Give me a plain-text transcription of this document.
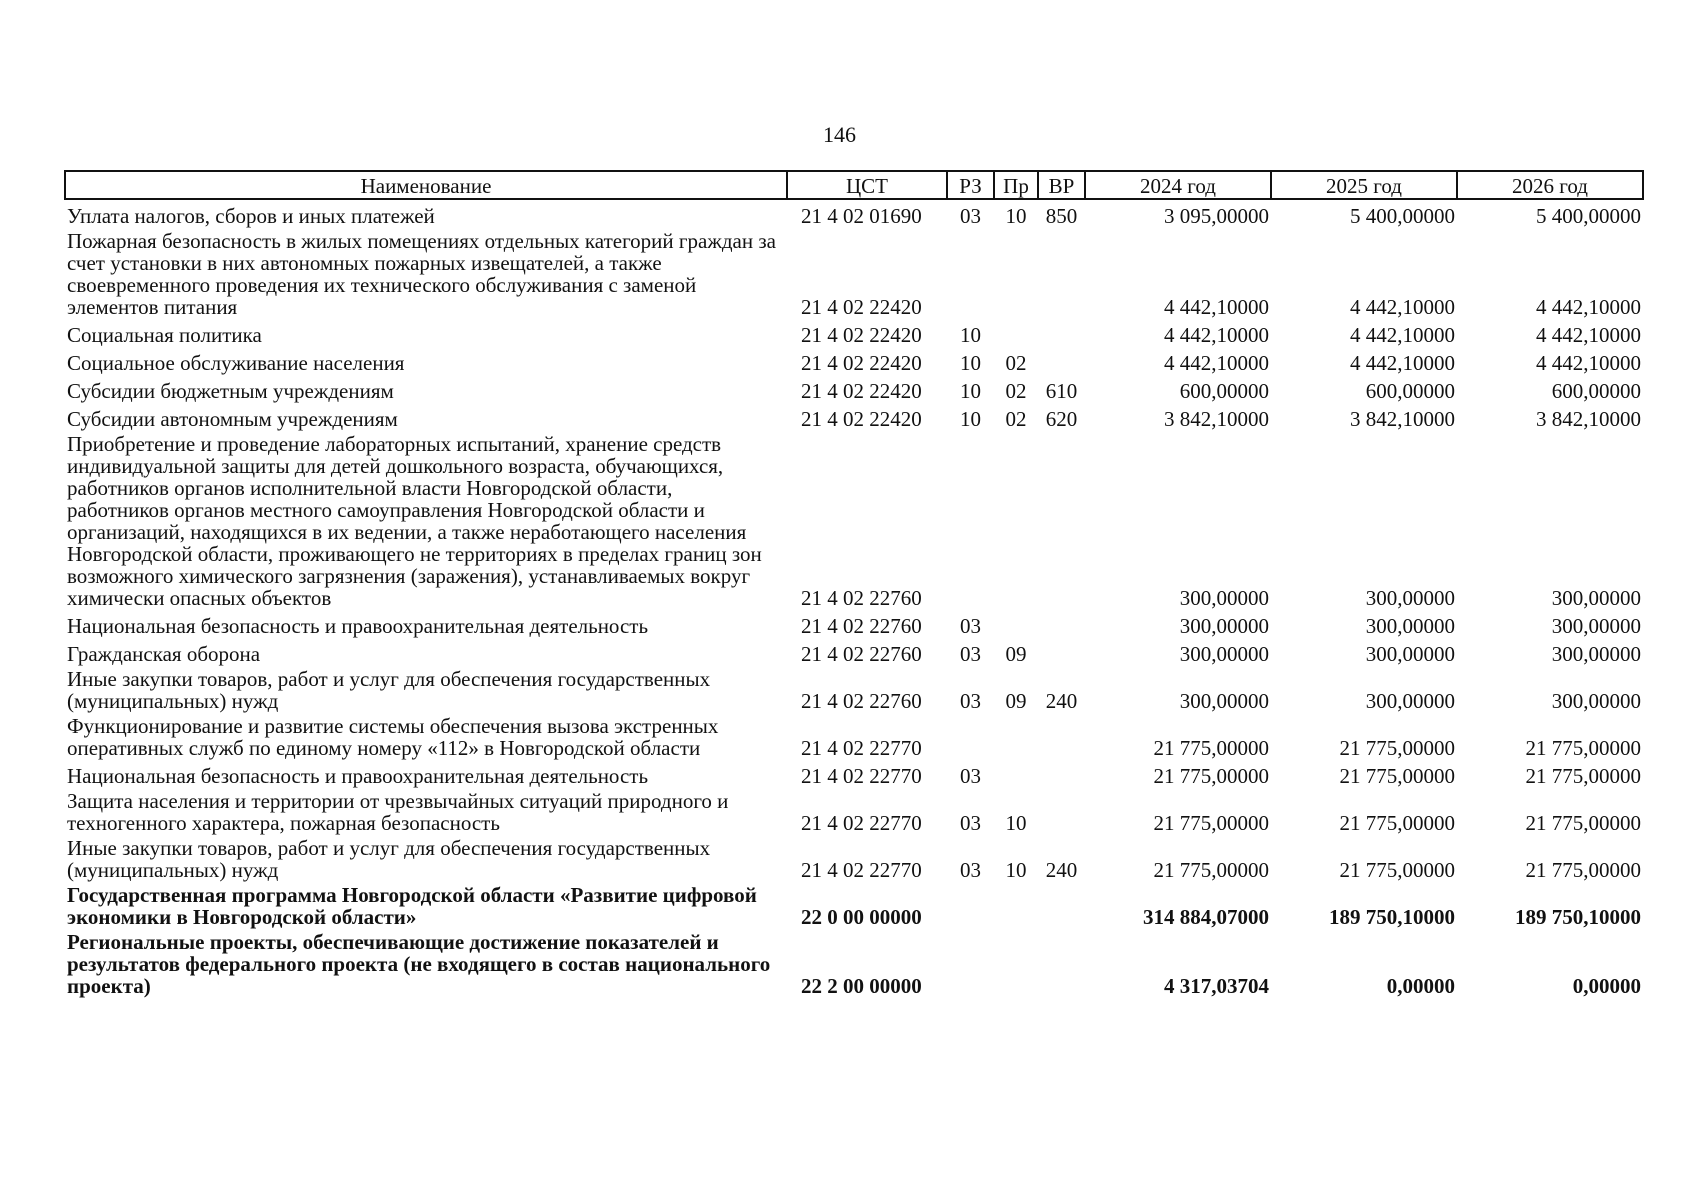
146
Наименование	ЦСТ	РЗ	Пр	ВР	2024 год	2025 год	2026 год
Уплата налогов, сборов и иных платежей	21 4 02 01690	03	10	850	3 095,00000	5 400,00000	5 400,00000
Пожарная безопасность в жилых помещениях отдельных категорий граждан за счет установки в них автономных пожарных извещателей, а также своевременного проведения их технического обслуживания с заменой элементов питания	21 4 02 22420				4 442,10000	4 442,10000	4 442,10000
Социальная политика	21 4 02 22420	10			4 442,10000	4 442,10000	4 442,10000
Социальное обслуживание населения	21 4 02 22420	10	02		4 442,10000	4 442,10000	4 442,10000
Субсидии бюджетным учреждениям	21 4 02 22420	10	02	610	600,00000	600,00000	600,00000
Субсидии автономным учреждениям	21 4 02 22420	10	02	620	3 842,10000	3 842,10000	3 842,10000
Приобретение и проведение лабораторных испытаний, хранение средств индивидуальной защиты для детей дошкольного возраста, обучающихся, работников органов исполнительной власти Новгородской области, работников органов местного самоуправления Новгородской области и организаций, находящихся в их ведении, а также неработающего населения Новгородской области, проживающего не территориях в пределах границ зон возможного химического загрязнения (заражения), устанавливаемых вокруг химически опасных объектов	21 4 02 22760				300,00000	300,00000	300,00000
Национальная безопасность и правоохранительная деятельность	21 4 02 22760	03			300,00000	300,00000	300,00000
Гражданская оборона	21 4 02 22760	03	09		300,00000	300,00000	300,00000
Иные закупки товаров, работ и услуг для обеспечения государственных (муниципальных) нужд	21 4 02 22760	03	09	240	300,00000	300,00000	300,00000
Функционирование и развитие системы обеспечения вызова экстренных оперативных служб по единому номеру «112» в Новгородской области	21 4 02 22770				21 775,00000	21 775,00000	21 775,00000
Национальная безопасность и правоохранительная деятельность	21 4 02 22770	03			21 775,00000	21 775,00000	21 775,00000
Защита населения и территории от чрезвычайных ситуаций природного и техногенного характера, пожарная безопасность	21 4 02 22770	03	10		21 775,00000	21 775,00000	21 775,00000
Иные закупки товаров, работ и услуг для обеспечения государственных (муниципальных) нужд	21 4 02 22770	03	10	240	21 775,00000	21 775,00000	21 775,00000
Государственная программа Новгородской области «Развитие цифровой экономики в Новгородской области»	22 0 00 00000				314 884,07000	189 750,10000	189 750,10000
Региональные проекты, обеспечивающие достижение показателей и результатов федерального проекта (не входящего в состав национального проекта)	22 2 00 00000				4 317,03704	0,00000	0,00000
